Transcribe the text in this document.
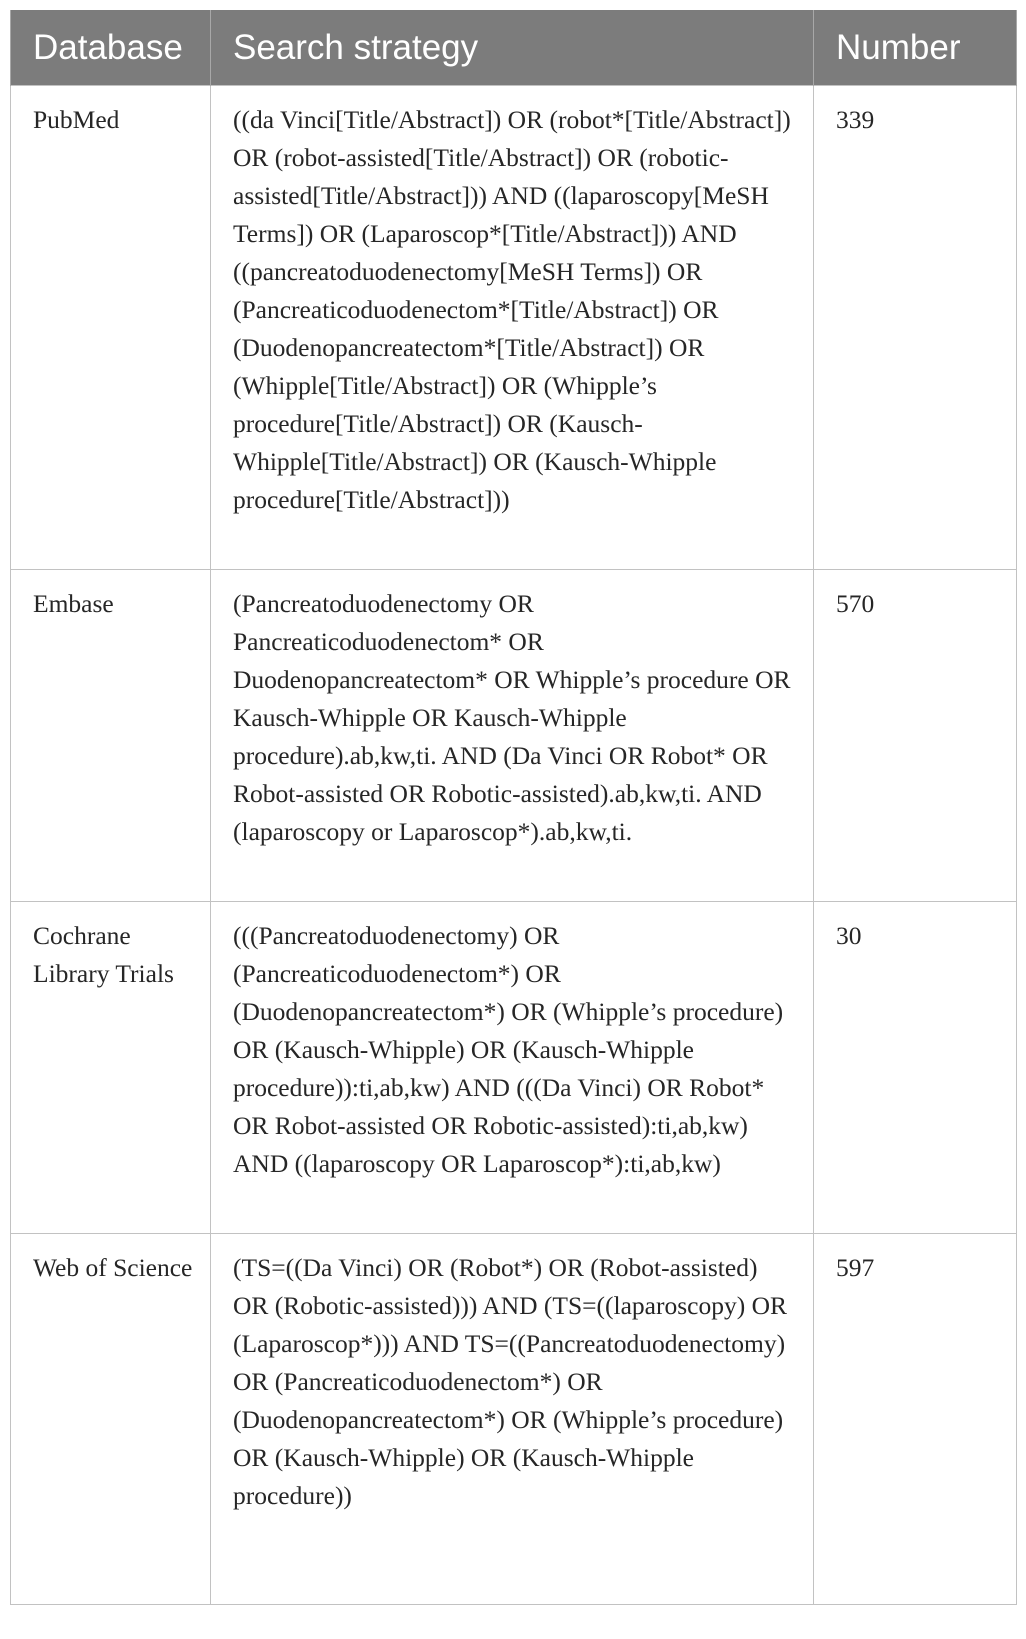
Database	Search strategy	Number
PubMed	((da Vinci[Title/Abstract]) OR (robot*[Title/Abstract]) OR (robot-assisted[Title/Abstract]) OR (robotic-assisted[Title/Abstract])) AND ((laparoscopy[MeSH Terms]) OR (Laparoscop*[Title/Abstract])) AND ((pancreatoduodenectomy[MeSH Terms]) OR (Pancreaticoduodenectom*[Title/Abstract]) OR (Duodenopancreatectom*[Title/Abstract]) OR (Whipple[Title/Abstract]) OR (Whipple’s procedure[Title/Abstract]) OR (Kausch-Whipple[Title/Abstract]) OR (Kausch-Whipple procedure[Title/Abstract]))	339
Embase	(Pancreatoduodenectomy OR Pancreaticoduodenectom* OR Duodenopancreatectom* OR Whipple’s procedure OR Kausch-Whipple OR Kausch-Whipple procedure).ab,kw,ti. AND (Da Vinci OR Robot* OR Robot-assisted OR Robotic-assisted).ab,kw,ti. AND (laparoscopy or Laparoscop*).ab,kw,ti.	570
Cochrane Library Trials	(((Pancreatoduodenectomy) OR (Pancreaticoduodenectom*) OR (Duodenopancreatectom*) OR (Whipple’s procedure) OR (Kausch-Whipple) OR (Kausch-Whipple procedure)):ti,ab,kw) AND (((Da Vinci) OR Robot* OR Robot-assisted OR Robotic-assisted):ti,ab,kw) AND ((laparoscopy OR Laparoscop*):ti,ab,kw)	30
Web of Science	(TS=((Da Vinci) OR (Robot*) OR (Robot-assisted) OR (Robotic-assisted))) AND (TS=((laparoscopy) OR (Laparoscop*))) AND TS=((Pancreatoduodenectomy) OR (Pancreaticoduodenectom*) OR (Duodenopancreatectom*) OR (Whipple’s procedure) OR (Kausch-Whipple) OR (Kausch-Whipple procedure))	597
